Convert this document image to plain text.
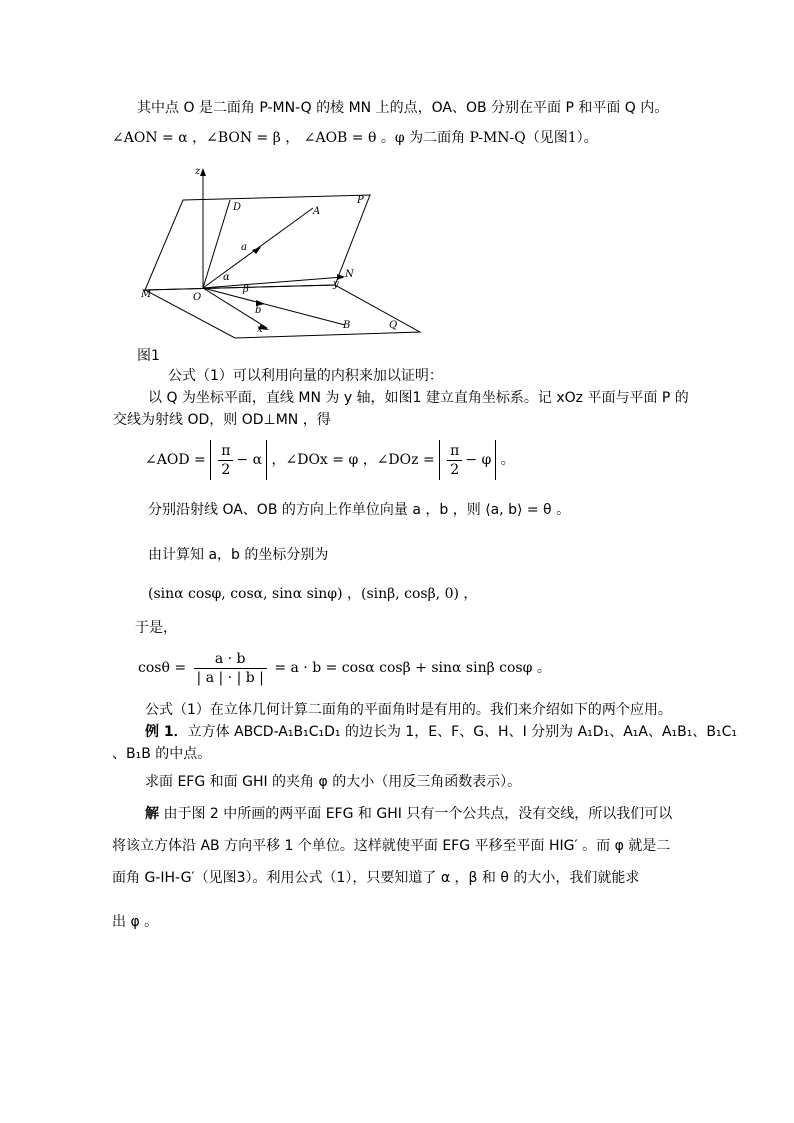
其中点 O 是二面角 P-MN-Q 的棱 MN 上的点，OA、OB 分别在平面 P 和平面 Q 内。
∠AON = α ，∠BON = β ， ∠AOB = θ 。φ 为二面角 P-MN-Q（见图1）。
z
D	A
P
a
α	N
y
M	O
β
b
x	B	Q
图1
公式（1）可以利用向量的内积来加以证明：
以 Q 为坐标平面，直线 MN 为 y 轴，如图1 建立直角坐标系。记 xOz 平面与平面 P 的
交线为射线 OD，则 OD⊥MN ，得
∠AOD = $\frac{\pi}{2} - \alpha$ ，∠DOx = φ ，∠DOz = $\frac{\pi}{2} - \varphi$ 。
分别沿射线 OA、OB 的方向上作单位向量 a ，b ，则 ⟨a, b⟩ = θ 。
由计算知 a，b 的坐标分别为
(sinα cosφ, cosα, sinα sinφ) ，(sinβ, cosβ, 0) ，
于是，
$\cos\theta = \frac{a \cdot b}{| a | \cdot | b |} = a \cdot b = \cos\alpha$ cosβ + sinα sinβ cosφ 。
公式（1）在立体几何计算二面角的平面角时是有用的。我们来介绍如下的两个应用。
例 1．立方体 ABCD-A₁B₁C₁D₁ 的边长为 1，E、F、G、H、I 分别为 A₁D₁、A₁A、A₁B₁、B₁C₁
、B₁B 的中点。
求面 EFG 和面 GHI 的夹角 φ 的大小（用反三角函数表示）。
解 由于图 2 中所画的两平面 EFG 和 GHI 只有一个公共点，没有交线，所以我们可以
将该立方体沿 AB 方向平移 1 个单位。这样就使平面 EFG 平移至平面 HIG′ 。而 φ 就是二
面角 G-IH-G′（见图3）。利用公式（1），只要知道了 α ，β 和 θ 的大小，我们就能求
出 φ 。
